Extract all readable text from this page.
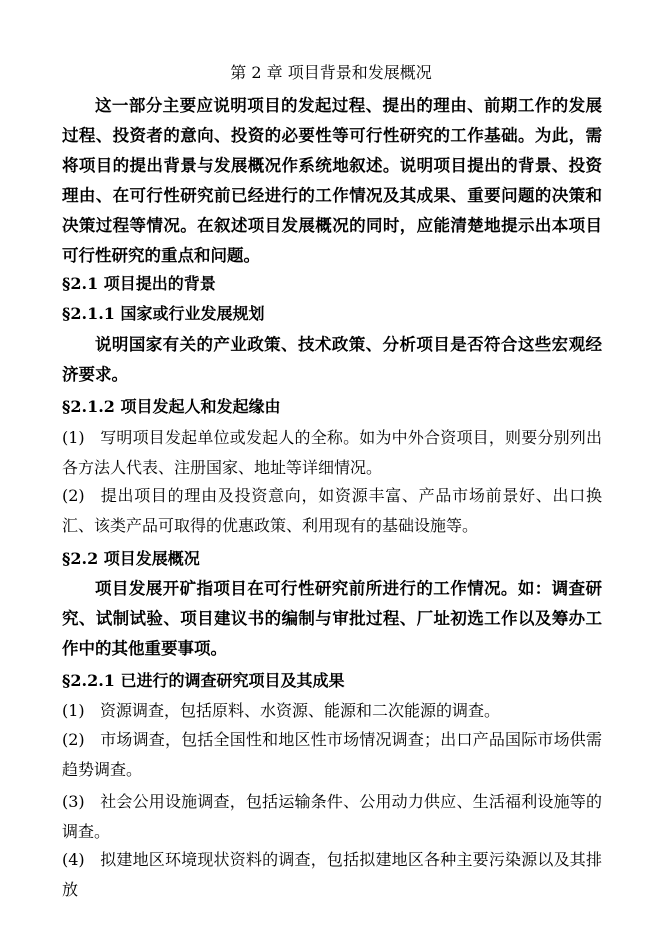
第 2 章 项目背景和发展概况

这一部分主要应说明项目的发起过程、提出的理由、前期工作的发展过程、投资者的意向、投资的必要性等可行性研究的工作基础。为此，需将项目的提出背景与发展概况作系统地叙述。说明项目提出的背景、投资理由、在可行性研究前已经进行的工作情况及其成果、重要问题的决策和决策过程等情况。在叙述项目发展概况的同时，应能清楚地提示出本项目可行性研究的重点和问题。

§2.1 项目提出的背景
§2.1.1 国家或行业发展规划

说明国家有关的产业政策、技术政策、分析项目是否符合这些宏观经济要求。

§2.1.2 项目发起人和发起缘由

(1) 写明项目发起单位或发起人的全称。如为中外合资项目，则要分别列出各方法人代表、注册国家、地址等详细情况。

(2) 提出项目的理由及投资意向，如资源丰富、产品市场前景好、出口换汇、该类产品可取得的优惠政策、利用现有的基础设施等。

§2.2 项目发展概况

项目发展开矿指项目在可行性研究前所进行的工作情况。如：调查研究、试制试验、项目建议书的编制与审批过程、厂址初选工作以及筹办工作中的其他重要事项。

§2.2.1 已进行的调查研究项目及其成果

(1) 资源调查，包括原料、水资源、能源和二次能源的调查。

(2) 市场调查，包括全国性和地区性市场情况调查；出口产品国际市场供需趋势调查。

(3) 社会公用设施调查，包括运输条件、公用动力供应、生活福利设施等的调查。

(4) 拟建地区环境现状资料的调查，包括拟建地区各种主要污染源以及其排放
